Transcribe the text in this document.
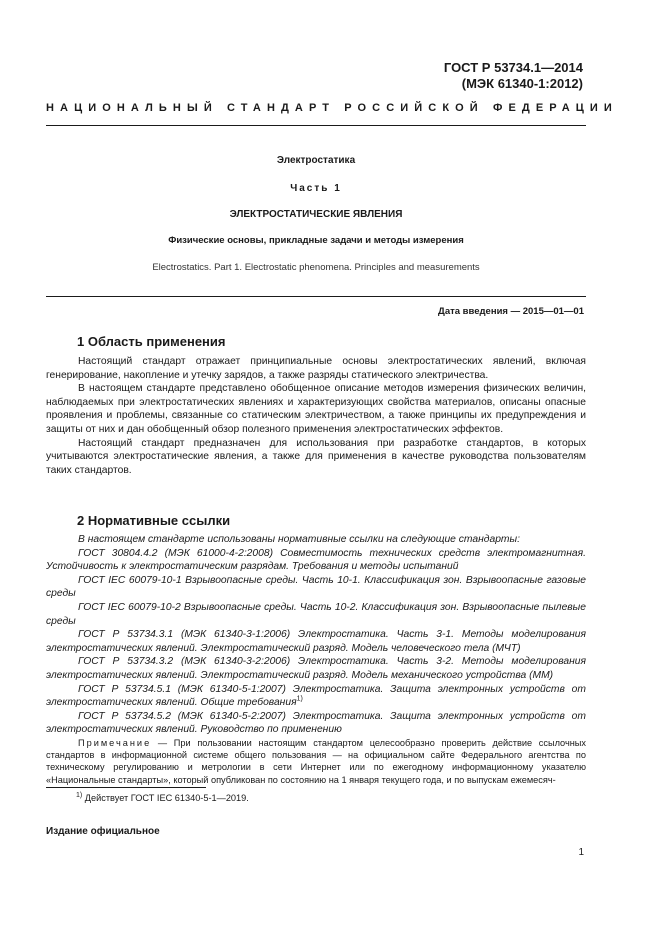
ГОСТ Р 53734.1—2014
(МЭК 61340-1:2012)
НАЦИОНАЛЬНЫЙ СТАНДАРТ РОССИЙСКОЙ ФЕДЕРАЦИИ
Электростатика
Часть 1
ЭЛЕКТРОСТАТИЧЕСКИЕ ЯВЛЕНИЯ
Физические основы, прикладные задачи и методы измерения
Electrostatics. Part 1. Electrostatic phenomena. Principles and measurements
Дата введения — 2015—01—01
1 Область применения

Настоящий стандарт отражает принципиальные основы электростатических явлений, включая генерирование, накопление и утечку зарядов, а также разряды статического электричества.

В настоящем стандарте представлено обобщенное описание методов измерения физических величин, наблюдаемых при электростатических явлениях и характеризующих свойства материалов, описаны опасные проявления и проблемы, связанные со статическим электричеством, а также принципы их предупреждения и защиты от них и дан обобщенный обзор полезного применения электростатических эффектов.

Настоящий стандарт предназначен для использования при разработке стандартов, в которых учитываются электростатические явления, а также для применения в качестве руководства пользователям таких стандартов.

2 Нормативные ссылки

В настоящем стандарте использованы нормативные ссылки на следующие стандарты:

ГОСТ 30804.4.2 (МЭК 61000-4-2:2008) Совместимость технических средств электромагнитная. Устойчивость к электростатическим разрядам. Требования и методы испытаний

ГОСТ IEC 60079-10-1 Взрывоопасные среды. Часть 10-1. Классификация зон. Взрывоопасные газовые среды

ГОСТ IEC 60079-10-2 Взрывоопасные среды. Часть 10-2. Классификация зон. Взрывоопасные пылевые среды

ГОСТ Р 53734.3.1 (МЭК 61340-3-1:2006) Электростатика. Часть 3-1. Методы моделирования электростатических явлений. Электростатический разряд. Модель человеческого тела (МЧТ)

ГОСТ Р 53734.3.2 (МЭК 61340-3-2:2006) Электростатика. Часть 3-2. Методы моделирования электростатических явлений. Электростатический разряд. Модель механического устройства (ММ)

ГОСТ Р 53734.5.1 (МЭК 61340-5-1:2007) Электростатика. Защита электронных устройств от электростатических явлений. Общие требования$^{1)}$

ГОСТ Р 53734.5.2 (МЭК 61340-5-2:2007) Электростатика. Защита электронных устройств от электростатических явлений. Руководство по применению

Примечание — При пользовании настоящим стандартом целесообразно проверить действие ссылочных стандартов в информационной системе общего пользования — на официальном сайте Федерального агентства по техническому регулированию и метрологии в сети Интернет или по ежегодному информационному указателю «Национальные стандарты», который опубликован по состоянию на 1 января текущего года, и по выпускам ежемесяч-
$^{1)}$ Действует ГОСТ IEC 61340-5-1—2019.
Издание официальное
1
